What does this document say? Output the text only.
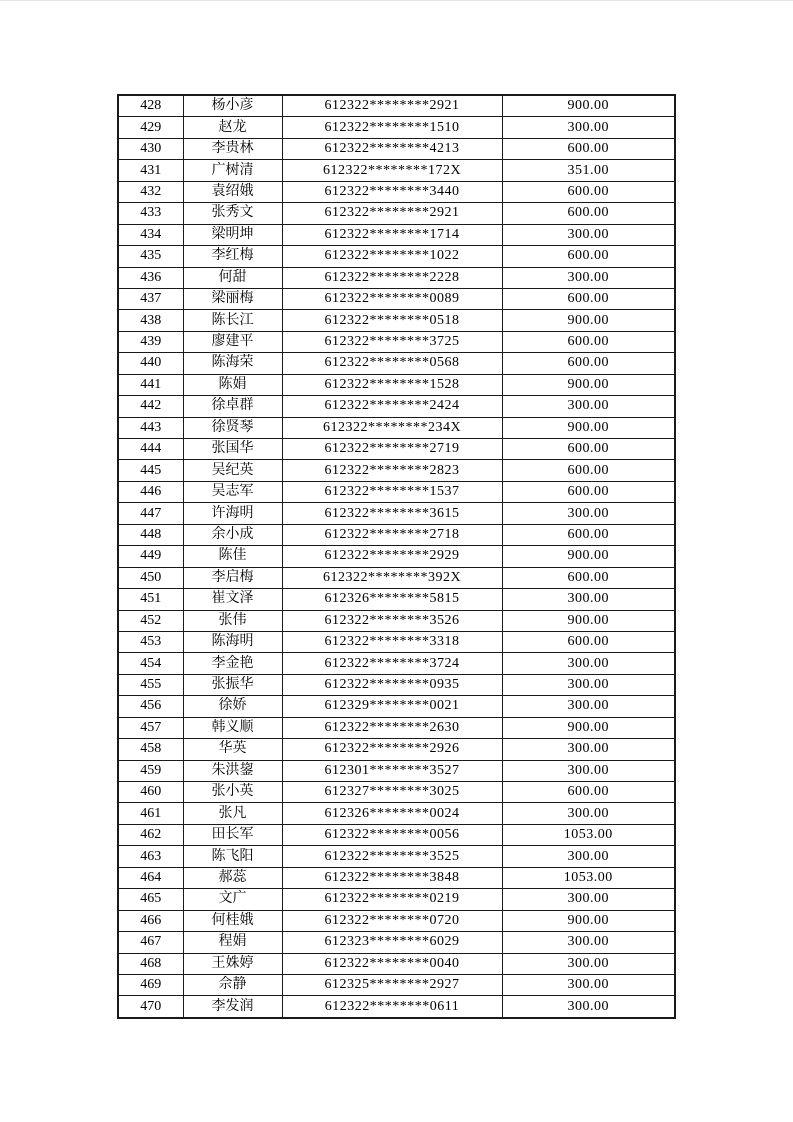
428	杨小彦	612322********2921	900.00
429	赵龙	612322********1510	300.00
430	李贵林	612322********4213	600.00
431	广树清	612322********172X	351.00
432	袁绍娥	612322********3440	600.00
433	张秀文	612322********2921	600.00
434	梁明坤	612322********1714	300.00
435	李红梅	612322********1022	600.00
436	何甜	612322********2228	300.00
437	梁丽梅	612322********0089	600.00
438	陈长江	612322********0518	900.00
439	廖建平	612322********3725	600.00
440	陈海荣	612322********0568	600.00
441	陈娟	612322********1528	900.00
442	徐卓群	612322********2424	300.00
443	徐贤琴	612322********234X	900.00
444	张国华	612322********2719	600.00
445	吴纪英	612322********2823	600.00
446	吴志军	612322********1537	600.00
447	许海明	612322********3615	300.00
448	余小成	612322********2718	600.00
449	陈佳	612322********2929	900.00
450	李启梅	612322********392X	600.00
451	崔文泽	612326********5815	300.00
452	张伟	612322********3526	900.00
453	陈海明	612322********3318	600.00
454	李金艳	612322********3724	300.00
455	张振华	612322********0935	300.00
456	徐娇	612329********0021	300.00
457	韩义顺	612322********2630	900.00
458	华英	612322********2926	300.00
459	朱洪鋆	612301********3527	300.00
460	张小英	612327********3025	600.00
461	张凡	612326********0024	300.00
462	田长军	612322********0056	1053.00
463	陈飞阳	612322********3525	300.00
464	郝蕊	612322********3848	1053.00
465	文广	612322********0219	300.00
466	何桂娥	612322********0720	900.00
467	程娟	612323********6029	300.00
468	王姝婷	612322********0040	300.00
469	佘静	612325********2927	300.00
470	李发润	612322********0611	300.00
